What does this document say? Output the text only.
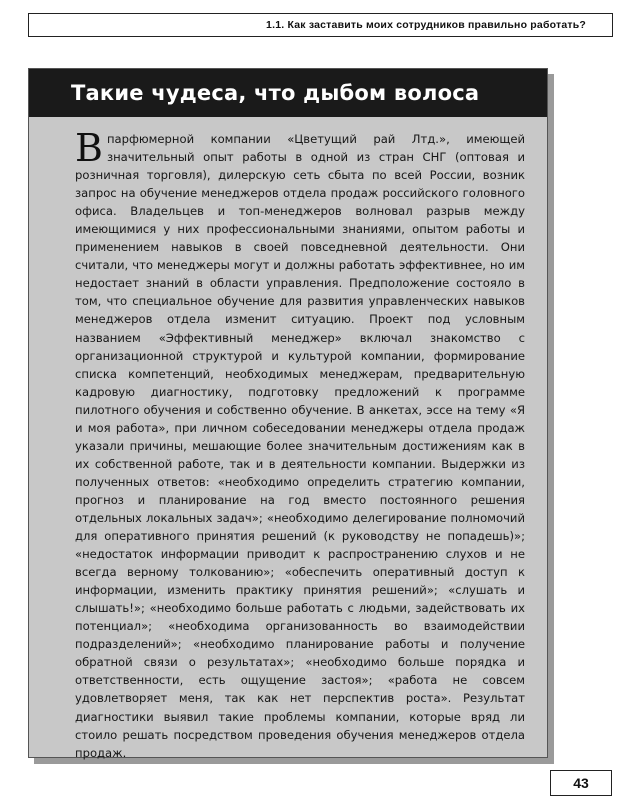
1.1. Как заставить моих сотрудников правильно работать?
Такие чудеса, что дыбом волоса
В парфюмерной компании «Цветущий рай Лтд.», имеющей значительный опыт работы в одной из стран СНГ (оптовая и розничная торговля), дилерскую сеть сбыта по всей России, возник запрос на обучение менеджеров отдела продаж российского головного офиса. Владельцев и топ-менеджеров волновал разрыв между имеющимися у них профессиональными знаниями, опытом работы и применением навыков в своей повседневной деятельности. Они считали, что менеджеры могут и должны работать эффективнее, но им недостает знаний в области управления. Предположение состояло в том, что специальное обучение для развития управленческих навыков менеджеров отдела изменит ситуацию. Проект под условным названием «Эффективный менеджер» включал знакомство с организационной структурой и культурой компании, формирование списка компетенций, необходимых менеджерам, предварительную кадровую диагностику, подготовку предложений к программе пилотного обучения и собственно обучение. В анкетах, эссе на тему «Я и моя работа», при личном собеседовании менеджеры отдела продаж указали причины, мешающие более значительным достижениям как в их собственной работе, так и в деятельности компании. Выдержки из полученных ответов: «необходимо определить стратегию компании, прогноз и планирование на год вместо постоянного решения отдельных локальных задач»; «необходимо делегирование полномочий для оперативного принятия решений (к руководству не попадешь)»; «недостаток информации приводит к распространению слухов и не всегда верному толкованию»; «обеспечить оперативный доступ к информации, изменить практику принятия решений»; «слушать и слышать!»; «необходимо больше работать с людьми, задействовать их потенциал»; «необходима организованность во взаимодействии подразделений»; «необходимо планирование работы и получение обратной связи о результатах»; «необходимо больше порядка и ответственности, есть ощущение застоя»; «работа не совсем удовлетворяет меня, так как нет перспектив роста». Результат диагностики выявил такие проблемы компании, которые вряд ли стоило решать посредством проведения обучения менеджеров отдела продаж.
43
